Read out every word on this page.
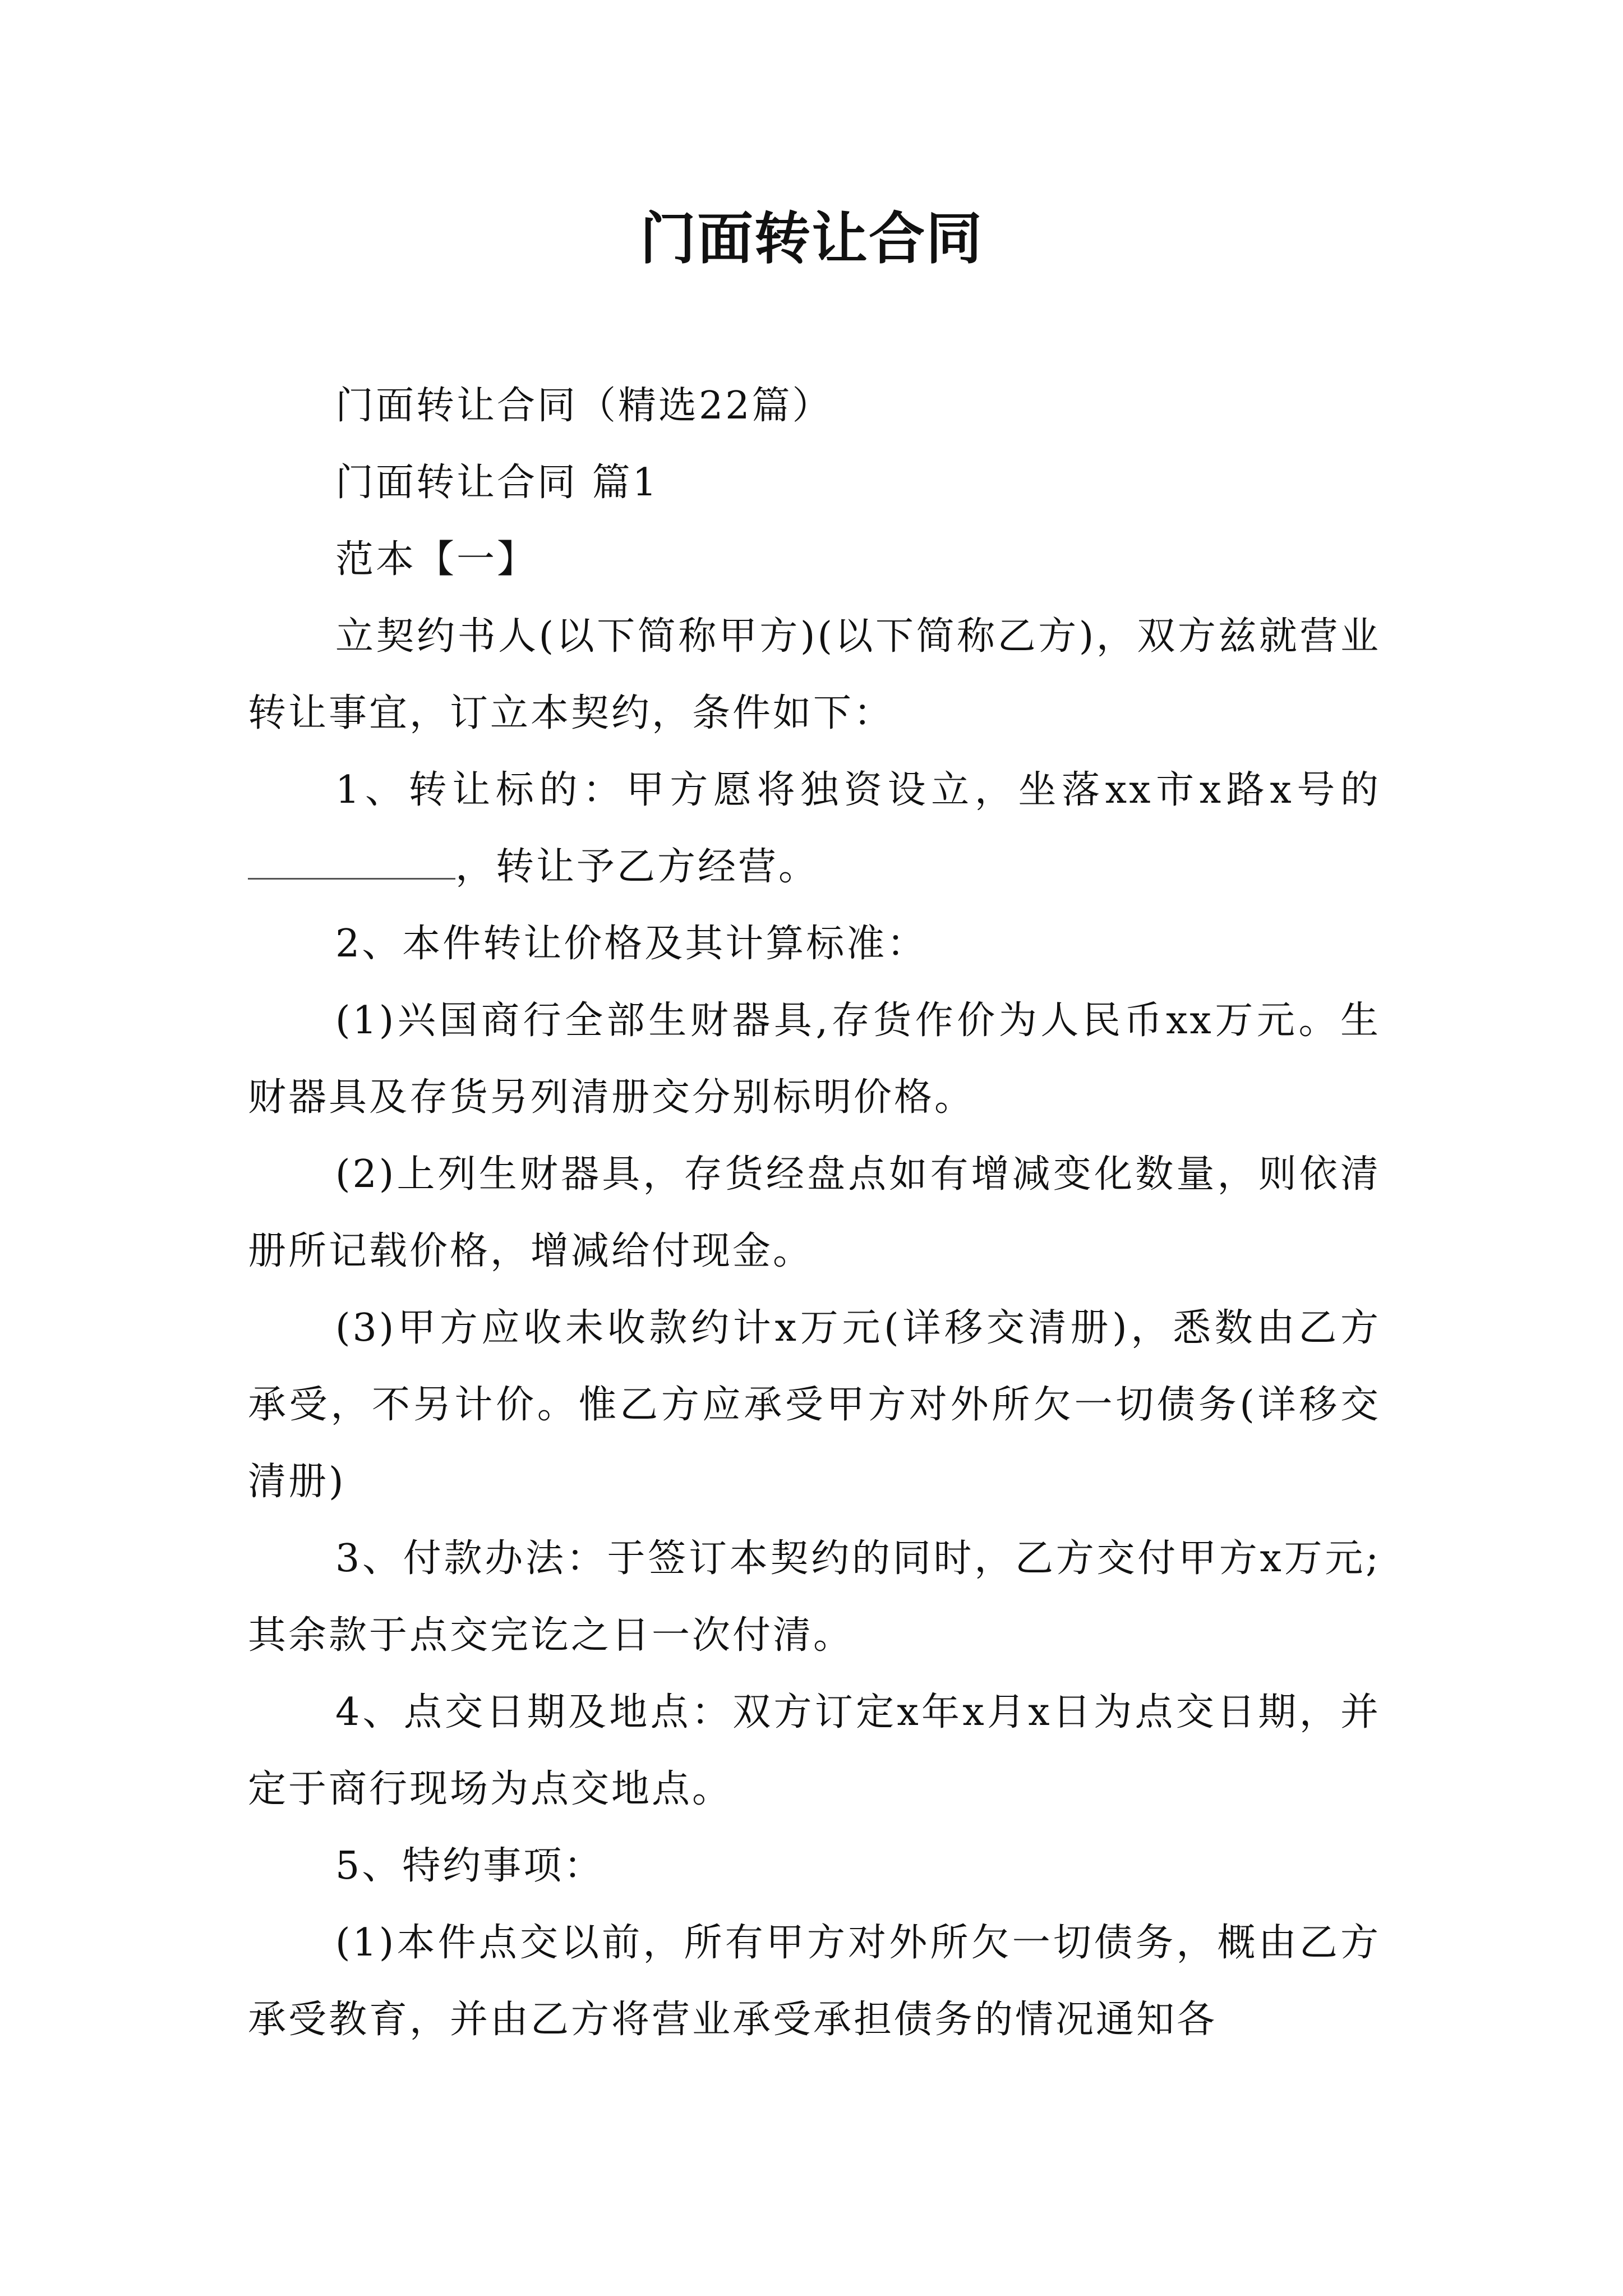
门面转让合同

门面转让合同（精选22篇）

门面转让合同 篇1

范本【一】

立契约书人(以下简称甲方)(以下简称乙方)，双方兹就营业转让事宜，订立本契约，条件如下：

1、转让标的：甲方愿将独资设立，坐落xx市x路x号的，转让予乙方经营。

2、本件转让价格及其计算标准：

(1)兴国商行全部生财器具,存货作价为人民币xx万元。生财器具及存货另列清册交分别标明价格。

(2)上列生财器具，存货经盘点如有增减变化数量，则依清册所记载价格，增减给付现金。

(3)甲方应收未收款约计x万元(详移交清册)，悉数由乙方承受，不另计价。惟乙方应承受甲方对外所欠一切债务(详移交清册)

3、付款办法：于签订本契约的同时，乙方交付甲方x万元;其余款于点交完讫之日一次付清。

4、点交日期及地点：双方订定x年x月x日为点交日期，并定于商行现场为点交地点。

5、特约事项：

(1)本件点交以前，所有甲方对外所欠一切债务，概由乙方承受教育，并由乙方将营业承受承担债务的情况通知各
